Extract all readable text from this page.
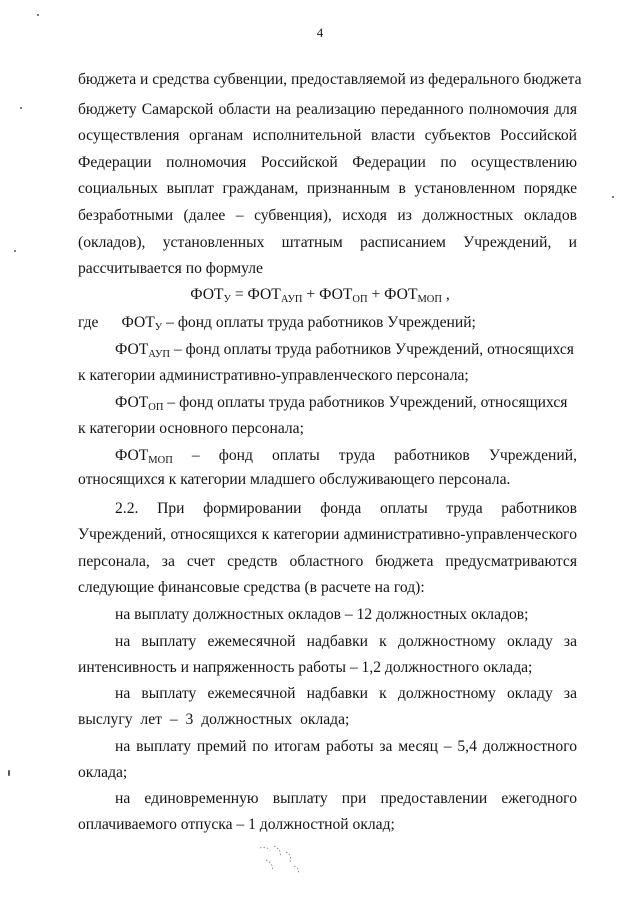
4
бюджета и средства субвенции, предоставляемой из федерального бюджета
бюджету Самарской области на реализацию переданного полномочия для
осуществления органам исполнительной власти субъектов Российской
Федерации полномочия Российской Федерации по осуществлению
социальных выплат гражданам, признанным в установленном порядке
безработными (далее – субвенция), исходя из должностных окладов
(окладов), установленных штатным расписанием Учреждений, и
рассчитывается по формуле
$ФОТ_У = ФОТ_{АУП} + ФОТ_{ОП} + ФОТ_{МОП}$ ,
где $ФОТ_У$ – фонд оплаты труда работников Учреждений;
$ФОТ_{АУП}$ – фонд оплаты труда работников Учреждений, относящихся
к категории административно-управленческого персонала;
$ФОТ_{ОП}$ – фонд оплаты труда работников Учреждений, относящихся
к категории основного персонала;
$ФОТ_{МОП}$ – фонд оплаты труда работников Учреждений,
относящихся к категории младшего обслуживающего персонала.
2.2. При формировании фонда оплаты труда работников
Учреждений, относящихся к категории административно-управленческого
персонала, за счет средств областного бюджета предусматриваются
следующие финансовые средства (в расчете на год):
на выплату должностных окладов – 12 должностных окладов;
на выплату ежемесячной надбавки к должностному окладу за
интенсивность и напряженность работы – 1,2 должностного оклада;
на выплату ежемесячной надбавки к должностному окладу за
выслугу лет – 3 должностных оклада;
на выплату премий по итогам работы за месяц – 5,4 должностного
оклада;
на единовременную выплату при предоставлении ежегодного
оплачиваемого отпуска – 1 должностной оклад;
